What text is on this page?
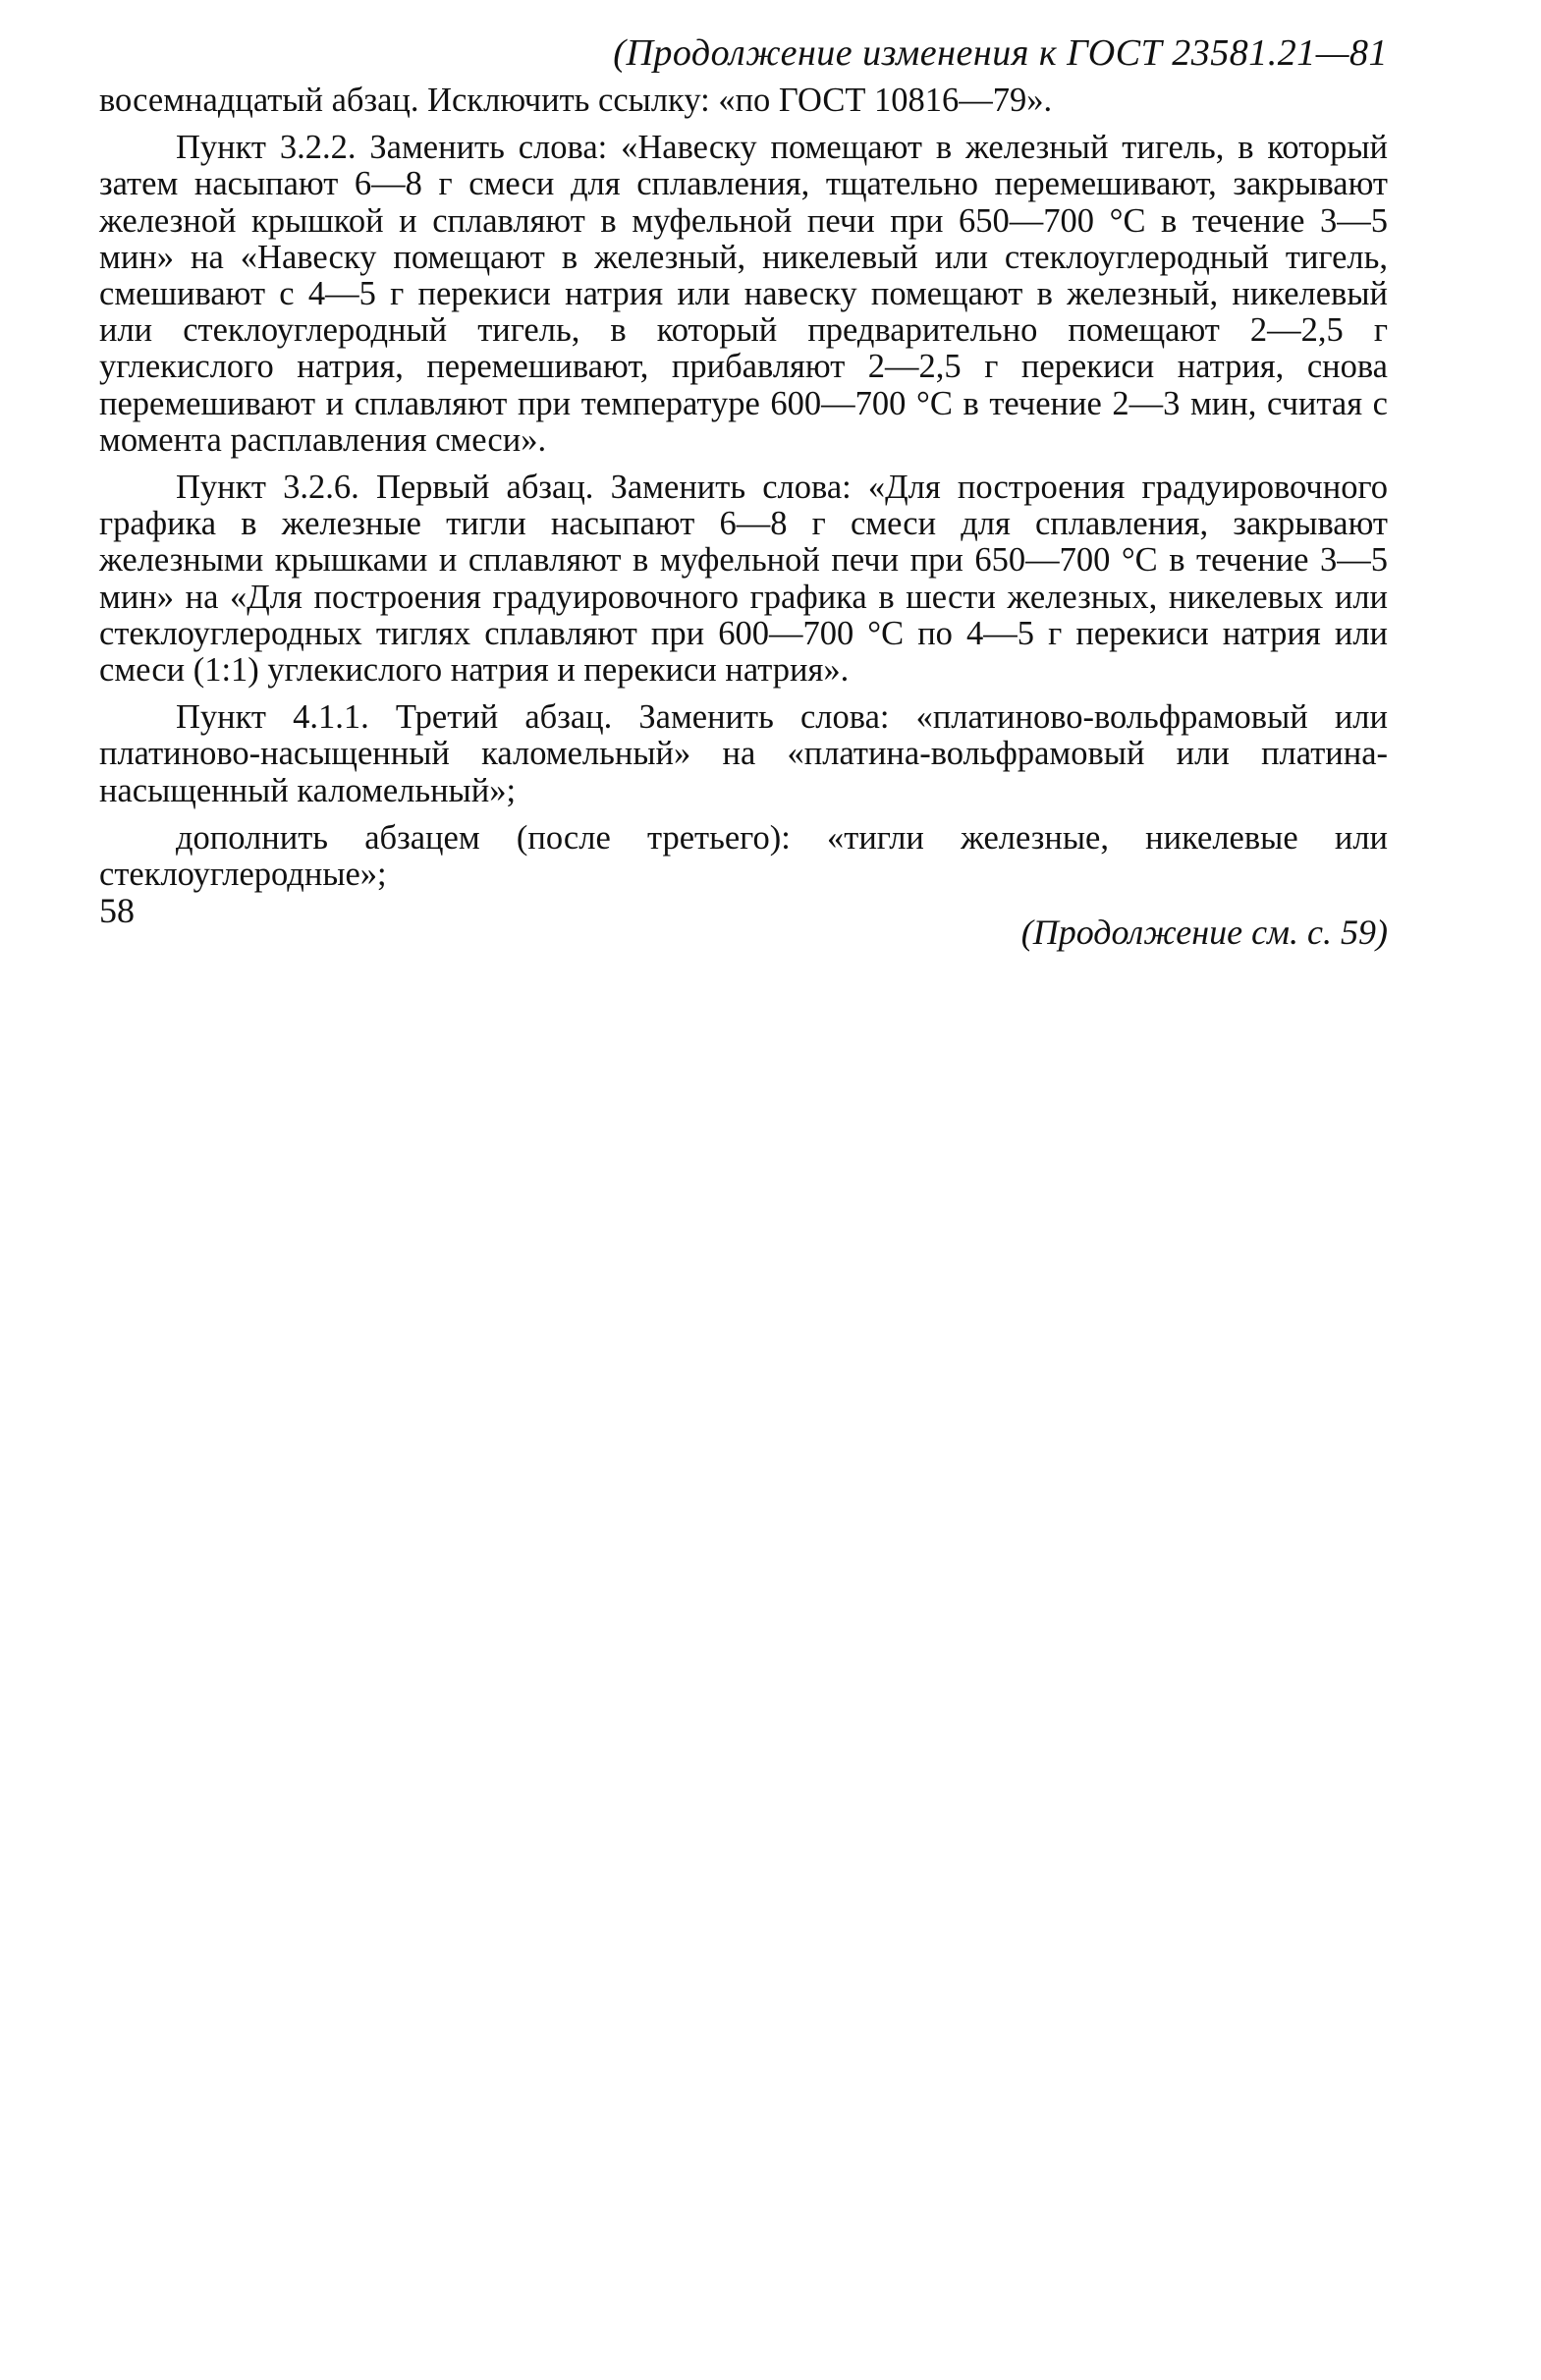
(Продолжение изменения к ГОСТ 23581.21—81

восемнадцатый абзац. Исключить ссылку: «по ГОСТ 10816—79».

Пункт 3.2.2. Заменить слова: «Навеску помещают в железный тигель, в который затем насыпают 6—8 г смеси для сплавления, тщательно перемешивают, закрывают железной крышкой и сплавляют в муфельной печи при 650—700 °С в течение 3—5 мин» на «Навеску помещают в железный, никелевый или стеклоуглеродный тигель, смешивают с 4—5 г перекиси натрия или навеску помещают в железный, никелевый или стеклоуглеродный тигель, в который предварительно помещают 2—2,5 г углекислого натрия, перемешивают, прибавляют 2—2,5 г перекиси натрия, снова перемешивают и сплавляют при температуре 600—700 °С в течение 2—3 мин, считая с момента расплавления смеси».

Пункт 3.2.6. Первый абзац. Заменить слова: «Для построения градуировочного графика в железные тигли насыпают 6—8 г смеси для сплавления, закрывают железными крышками и сплавляют в муфельной печи при 650—700 °С в течение 3—5 мин» на «Для построения градуировочного графика в шести железных, никелевых или стеклоуглеродных тиглях сплавляют при 600—700 °С по 4—5 г перекиси натрия или смеси (1:1) углекислого натрия и перекиси натрия».

Пункт 4.1.1. Третий абзац. Заменить слова: «платиново-вольфрамовый или платиново-насыщенный каломельный» на «платина-вольфрамовый или платина-насыщенный каломельный»;

дополнить абзацем (после третьего): «тигли железные, никелевые или стеклоуглеродные»;

(Продолжение см. с. 59)
58
